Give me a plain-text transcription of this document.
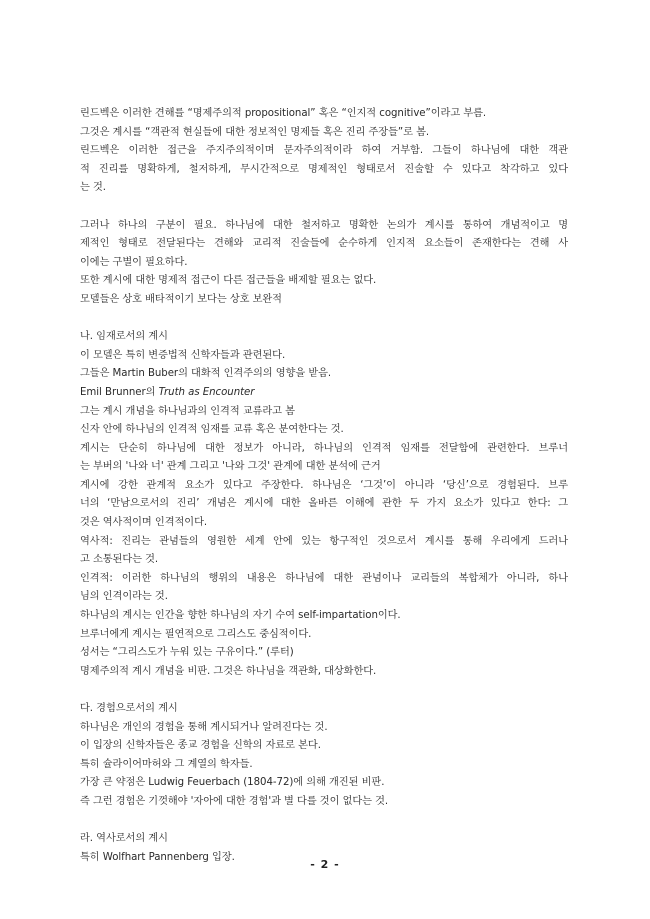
린드벡은 이러한 견해를 “명제주의적 propositional” 혹은 “인지적 cognitive”이라고 부름.
그것은 계시를 “객관적 현실들에 대한 정보적인 명제들 혹은 진리 주장들”로 봄.
린드벡은 이러한 접근을 주지주의적이며 문자주의적이라 하여 거부함. 그들이 하나님에 대한 객관
적 진리를 명확하게, 철저하게, 무시간적으로 명제적인 형태로서 진술할 수 있다고 착각하고 있다
는 것.
그러나 하나의 구분이 필요. 하나님에 대한 철저하고 명확한 논의가 계시를 통하여 개념적이고 명
제적인 형태로 전달된다는 견해와 교리적 진술들에 순수하게 인지적 요소들이 존재한다는 견해 사
이에는 구별이 필요하다.
또한 계시에 대한 명제적 접근이 다른 접근들을 배제할 필요는 없다.
모델들은 상호 배타적이기 보다는 상호 보완적
나. 임재로서의 계시
이 모델은 특히 변증법적 신학자들과 관련된다.
그들은 Martin Buber의 대화적 인격주의의 영향을 받음.
Emil Brunner의 Truth as Encounter
그는 계시 개념을 하나님과의 인격적 교류라고 봄
신자 안에 하나님의 인격적 임재를 교류 혹은 분여한다는 것.
계시는 단순히 하나님에 대한 정보가 아니라, 하나님의 인격적 임재를 전달함에 관련한다. 브루너
는 부버의 '나와 너' 관계 그리고 '나와 그것' 관계에 대한 분석에 근거
계시에 강한 관계적 요소가 있다고 주장한다. 하나님은 ‘그것’이 아니라 ‘당신’으로 경험된다. 브루
너의 ‘만남으로서의 진리’ 개념은 계시에 대한 올바른 이해에 관한 두 가지 요소가 있다고 한다: 그
것은 역사적이며 인격적이다.
역사적: 진리는 관념들의 영원한 세계 안에 있는 항구적인 것으로서 계시를 통해 우리에게 드러나
고 소통된다는 것.
인격적: 이러한 하나님의 행위의 내용은 하나님에 대한 관념이나 교리들의 복합체가 아니라, 하나
님의 인격이라는 것.
하나님의 계시는 인간을 향한 하나님의 자기 수여 self-impartation이다.
브루너에게 계시는 필연적으로 그리스도 중심적이다.
성서는 “그리스도가 누워 있는 구유이다.” (루터)
명제주의적 계시 개념을 비판. 그것은 하나님을 객관화, 대상화한다.
다. 경험으로서의 계시
하나님은 개인의 경험을 통해 계시되거나 알려진다는 것.
이 입장의 신학자들은 종교 경험을 신학의 자료로 본다.
특히 슐라이어마허와 그 계열의 학자들.
가장 큰 약점은 Ludwig Feuerbach (1804-72)에 의해 개진된 비판.
즉 그런 경험은 기껏해야 '자아에 대한 경험'과 별 다를 것이 없다는 것.
라. 역사로서의 계시
특히 Wolfhart Pannenberg 입장.
- 2 -
